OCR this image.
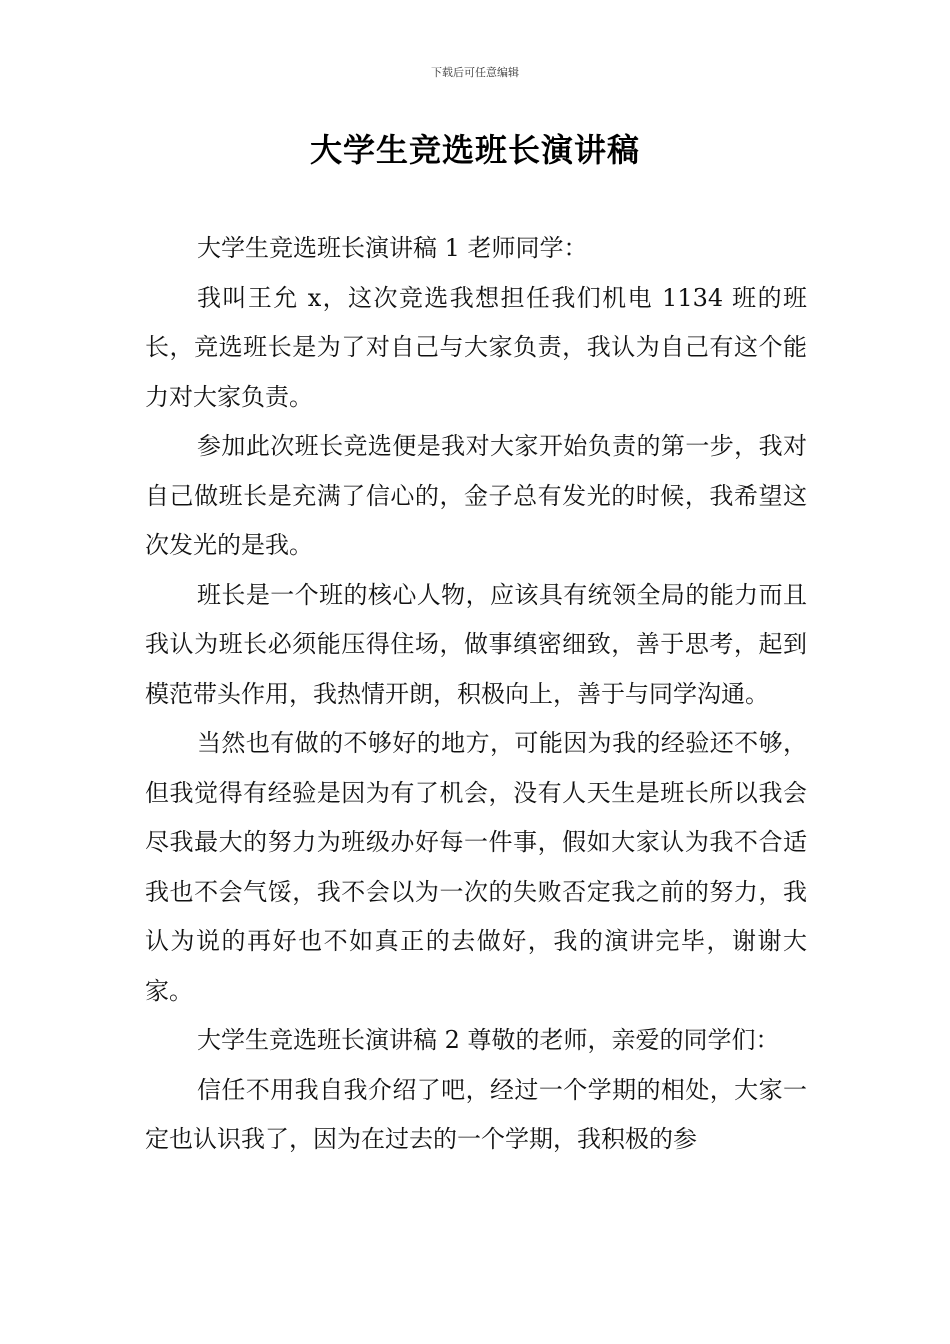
下载后可任意编辑
大学生竞选班长演讲稿

大学生竞选班长演讲稿 1 老师同学：

我叫王允 x，这次竞选我想担任我们机电 1134 班的班长，竞选班长是为了对自己与大家负责，我认为自己有这个能力对大家负责。

参加此次班长竞选便是我对大家开始负责的第一步，我对自己做班长是充满了信心的，金子总有发光的时候，我希望这次发光的是我。

班长是一个班的核心人物，应该具有统领全局的能力而且我认为班长必须能压得住场，做事缜密细致，善于思考，起到模范带头作用，我热情开朗，积极向上，善于与同学沟通。

当然也有做的不够好的地方，可能因为我的经验还不够，但我觉得有经验是因为有了机会，没有人天生是班长所以我会尽我最大的努力为班级办好每一件事，假如大家认为我不合适我也不会气馁，我不会以为一次的失败否定我之前的努力，我认为说的再好也不如真正的去做好，我的演讲完毕，谢谢大家。

大学生竞选班长演讲稿 2 尊敬的老师，亲爱的同学们：

信任不用我自我介绍了吧，经过一个学期的相处，大家一定也认识我了，因为在过去的一个学期，我积极的参
